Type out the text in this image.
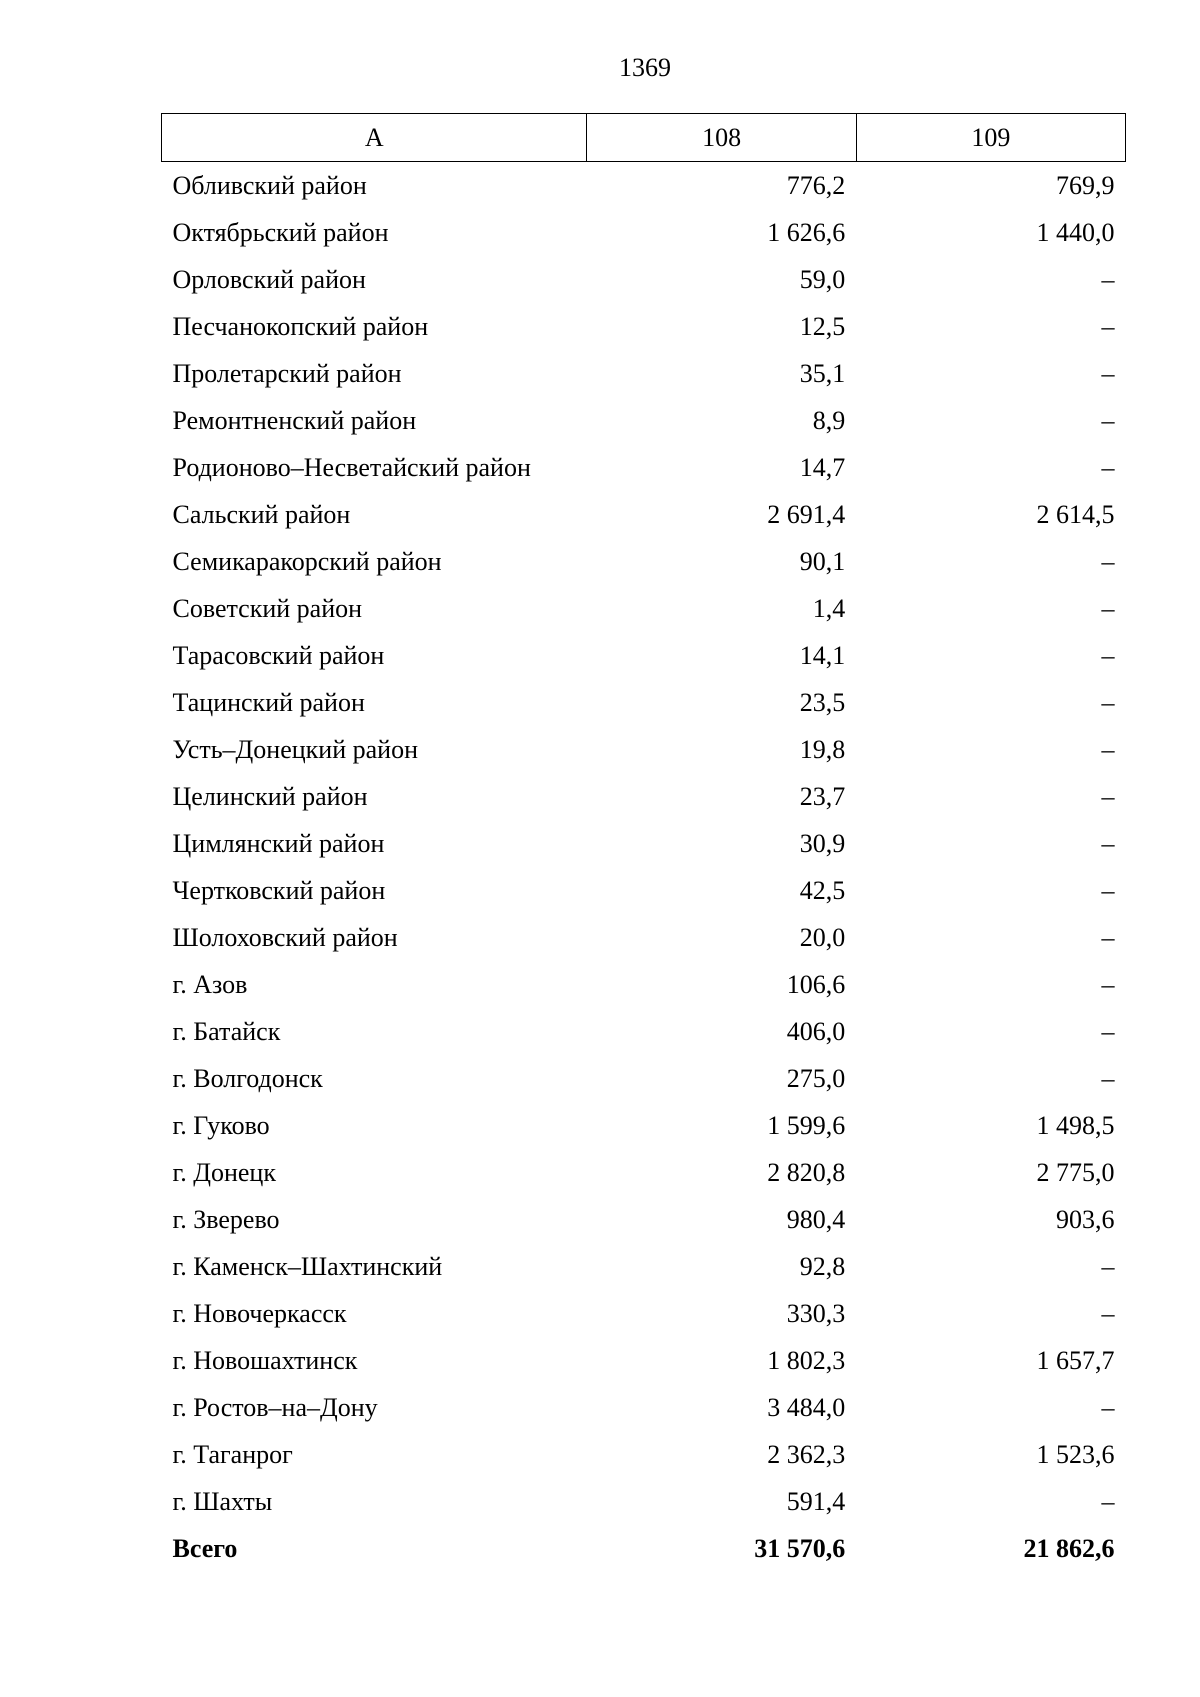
1369
А	108	109
Обливский район	776,2	769,9
Октябрьский район	1 626,6	1 440,0
Орловский район	59,0	–
Песчанокопский район	12,5	–
Пролетарский район	35,1	–
Ремонтненский район	8,9	–
Родионово–Несветайский район	14,7	–
Сальский район	2 691,4	2 614,5
Семикаракорский район	90,1	–
Советский район	1,4	–
Тарасовский район	14,1	–
Тацинский район	23,5	–
Усть–Донецкий район	19,8	–
Целинский район	23,7	–
Цимлянский район	30,9	–
Чертковский район	42,5	–
Шолоховский район	20,0	–
г. Азов	106,6	–
г. Батайск	406,0	–
г. Волгодонск	275,0	–
г. Гуково	1 599,6	1 498,5
г. Донецк	2 820,8	2 775,0
г. Зверево	980,4	903,6
г. Каменск–Шахтинский	92,8	–
г. Новочеркасск	330,3	–
г. Новошахтинск	1 802,3	1 657,7
г. Ростов–на–Дону	3 484,0	–
г. Таганрог	2 362,3	1 523,6
г. Шахты	591,4	–
Всего	31 570,6	21 862,6
